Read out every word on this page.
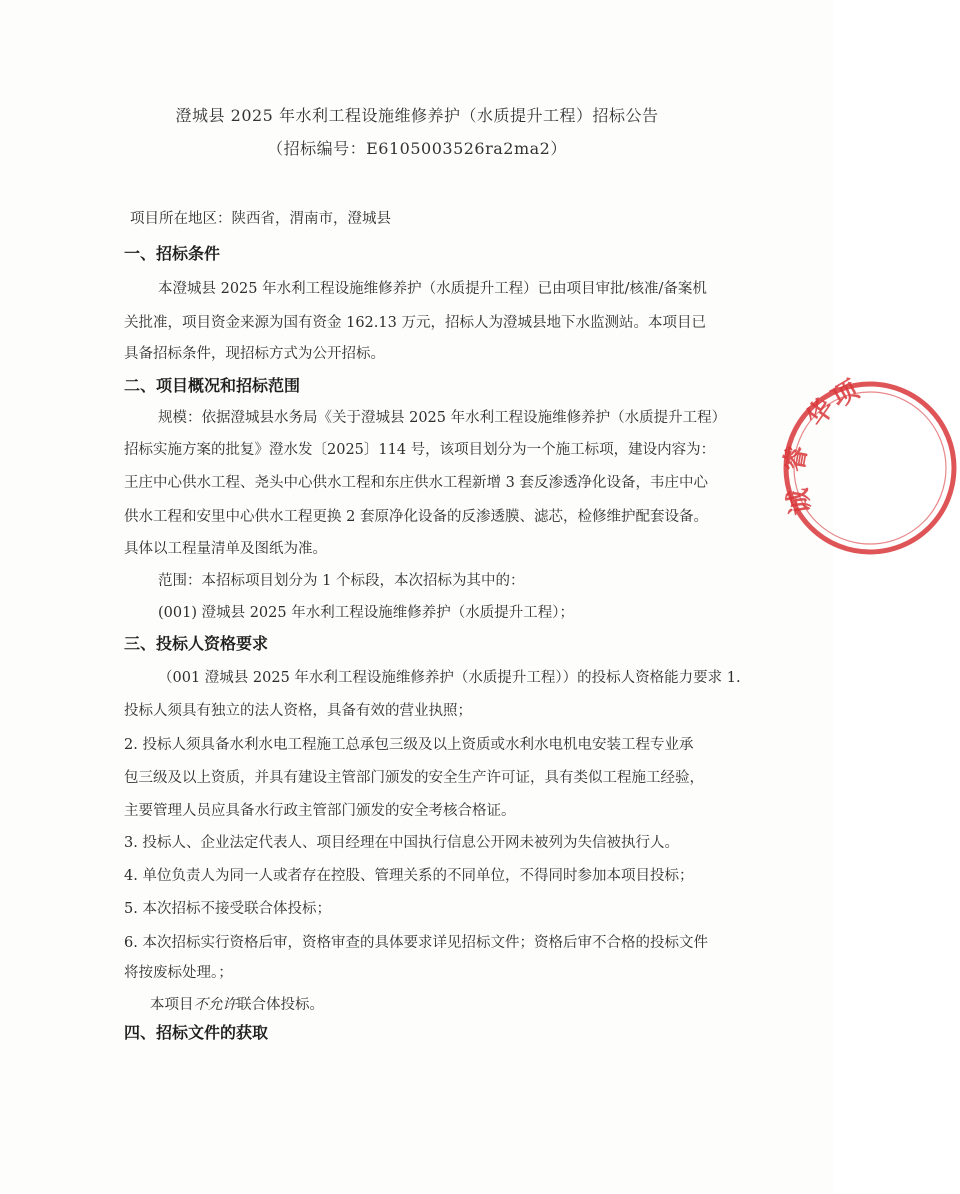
澄城县 2025 年水利工程设施维修养护（水质提升工程）招标公告
（招标编号：E6105003526ra2ma2）
项目所在地区：陕西省，渭南市，澄城县
一、招标条件
本澄城县 2025 年水利工程设施维修养护（水质提升工程）已由项目审批/核准/备案机
关批准，项目资金来源为国有资金 162.13 万元，招标人为澄城县地下水监测站。本项目已
具备招标条件，现招标方式为公开招标。
二、项目概况和招标范围
规模：依据澄城县水务局《关于澄城县 2025 年水利工程设施维修养护（水质提升工程）
招标实施方案的批复》澄水发〔2025〕114 号，该项目划分为一个施工标项，建设内容为：
王庄中心供水工程、尧头中心供水工程和东庄供水工程新增 3 套反渗透净化设备，韦庄中心
供水工程和安里中心供水工程更换 2 套原净化设备的反渗透膜、滤芯，检修维护配套设备。
具体以工程量清单及图纸为准。
范围：本招标项目划分为 1 个标段，本次招标为其中的：
(001) 澄城县 2025 年水利工程设施维修养护（水质提升工程）；
三、投标人资格要求
（001 澄城县 2025 年水利工程设施维修养护（水质提升工程））的投标人资格能力要求 1.
投标人须具有独立的法人资格，具备有效的营业执照；
2. 投标人须具备水利水电工程施工总承包三级及以上资质或水利水电机电安装工程专业承
包三级及以上资质，并具有建设主管部门颁发的安全生产许可证，具有类似工程施工经验，
主要管理人员应具备水行政主管部门颁发的安全考核合格证。
3. 投标人、企业法定代表人、项目经理在中国执行信息公开网未被列为失信被执行人。
4. 单位负责人为同一人或者存在控股、管理关系的不同单位，不得同时参加本项目投标；
5. 本次招标不接受联合体投标；
6. 本次招标实行资格后审，资格审查的具体要求详见招标文件；资格后审不合格的投标文件
将按废标处理。；
本项目不允许联合体投标。
四、招标文件的获取
华
睿
诚
项
